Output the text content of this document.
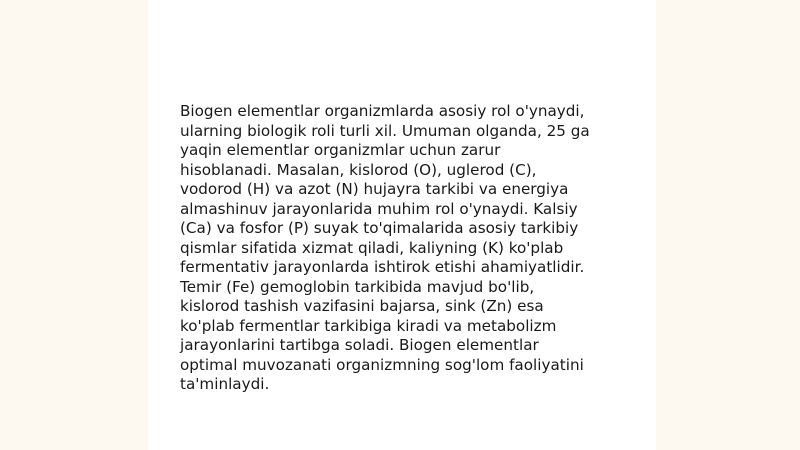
Biogen elementlar organizmlarda asosiy rol o'ynaydi,
ularning biologik roli turli xil. Umuman olganda, 25 ga
yaqin elementlar organizmlar uchun zarur
hisoblanadi. Masalan, kislorod (O), uglerod (C),
vodorod (H) va azot (N) hujayra tarkibi va energiya
almashinuv jarayonlarida muhim rol o'ynaydi. Kalsiy
(Ca) va fosfor (P) suyak to'qimalarida asosiy tarkibiy
qismlar sifatida xizmat qiladi, kaliyning (K) ko'plab
fermentativ jarayonlarda ishtirok etishi ahamiyatlidir.
Temir (Fe) gemoglobin tarkibida mavjud bo'lib,
kislorod tashish vazifasini bajarsa, sink (Zn) esa
ko'plab fermentlar tarkibiga kiradi va metabolizm
jarayonlarini tartibga soladi. Biogen elementlar
optimal muvozanati organizmning sog'lom faoliyatini
ta'minlaydi.
